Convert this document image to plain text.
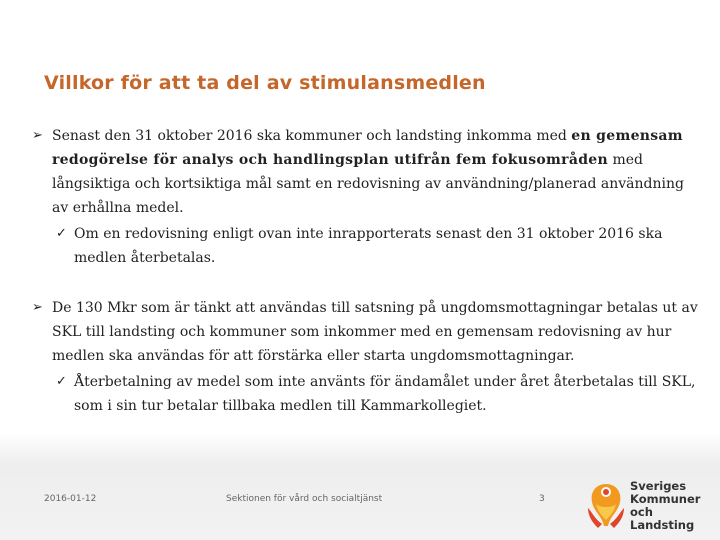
Villkor för att ta del av stimulansmedlen
➢ Senast den 31 oktober 2016 ska kommuner och landsting inkomma med en gemensam redogörelse för analys och handlingsplan utifrån fem fokusområden med långsiktiga och kortsiktiga mål samt en redovisning av användning/planerad användning av erhållna medel.
✓ Om en redovisning enligt ovan inte inrapporterats senast den 31 oktober 2016 ska medlen återbetalas.
➢ De 130 Mkr som är tänkt att användas till satsning på ungdomsmottagningar betalas ut av SKL till landsting och kommuner som inkommer med en gemensam redovisning av hur medlen ska användas för att förstärka eller starta ungdomsmottagningar.
✓ Återbetalning av medel som inte använts för ändamålet under året återbetalas till SKL, som i sin tur betalar tillbaka medlen till Kammarkollegiet.
2016-01-12	Sektionen för vård och socialtjänst	3
Sveriges
Kommuner
och Landsting
